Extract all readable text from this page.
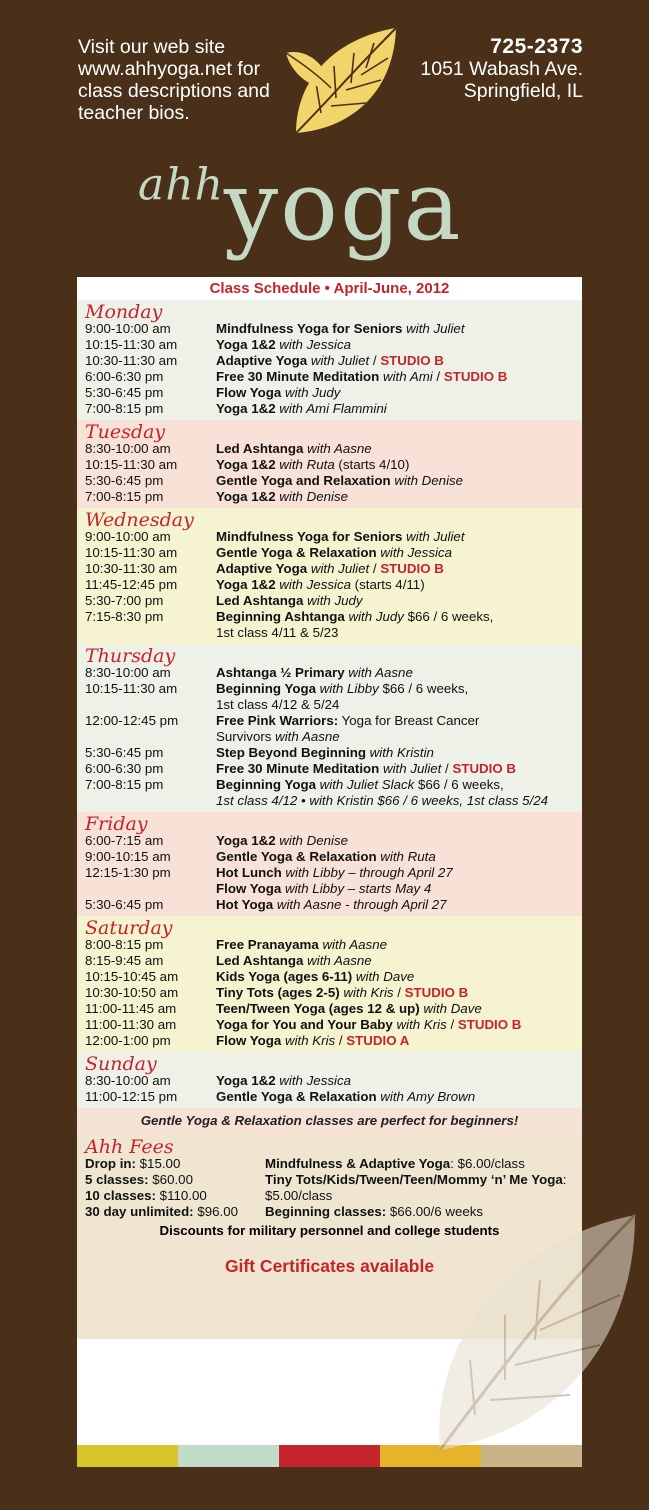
Visit our web site
www.ahhyoga.net for
class descriptions and
teacher bios.
725-2373
1051 Wabash Ave.
Springfield, IL
ahhyoga
Class Schedule • April-June, 2012
Monday
9:00-10:00 am	Mindfulness Yoga for Seniors with Juliet
10:15-11:30 am	Yoga 1&2 with Jessica
10:30-11:30 am	Adaptive Yoga with Juliet / STUDIO B
6:00-6:30 pm	Free 30 Minute Meditation with Ami / STUDIO B
5:30-6:45 pm	Flow Yoga with Judy
7:00-8:15 pm	Yoga 1&2 with Ami Flammini
Tuesday
8:30-10:00 am	Led Ashtanga with Aasne
10:15-11:30 am	Yoga 1&2 with Ruta (starts 4/10)
5:30-6:45 pm	Gentle Yoga and Relaxation with Denise
7:00-8:15 pm	Yoga 1&2 with Denise
Wednesday
9:00-10:00 am	Mindfulness Yoga for Seniors with Juliet
10:15-11:30 am	Gentle Yoga & Relaxation with Jessica
10:30-11:30 am	Adaptive Yoga with Juliet / STUDIO B
11:45-12:45 pm	Yoga 1&2 with Jessica (starts 4/11)
5:30-7:00 pm	Led Ashtanga with Judy
7:15-8:30 pm	Beginning Ashtanga with Judy $66 / 6 weeks,
1st class 4/11 & 5/23
Thursday
8:30-10:00 am	Ashtanga ½ Primary with Aasne
10:15-11:30 am	Beginning Yoga with Libby $66 / 6 weeks,
1st class 4/12 & 5/24
12:00-12:45 pm	Free Pink Warriors: Yoga for Breast Cancer
Survivors with Aasne
5:30-6:45 pm	Step Beyond Beginning with Kristin
6:00-6:30 pm	Free 30 Minute Meditation with Juliet / STUDIO B
7:00-8:15 pm	Beginning Yoga with Juliet Slack $66 / 6 weeks,
1st class 4/12 • with Kristin $66 / 6 weeks, 1st class 5/24
Friday
6:00-7:15 am	Yoga 1&2 with Denise
9:00-10:15 am	Gentle Yoga & Relaxation with Ruta
12:15-1:30 pm	Hot Lunch with Libby – through April 27
Flow Yoga with Libby – starts May 4
5:30-6:45 pm	Hot Yoga with Aasne - through April 27
Saturday
8:00-8:15 pm	Free Pranayama with Aasne
8:15-9:45 am	Led Ashtanga with Aasne
10:15-10:45 am	Kids Yoga (ages 6-11) with Dave
10:30-10:50 am	Tiny Tots (ages 2-5) with Kris / STUDIO B
11:00-11:45 am	Teen/Tween Yoga (ages 12 & up) with Dave
11:00-11:30 am	Yoga for You and Your Baby with Kris / STUDIO B
12:00-1:00 pm	Flow Yoga with Kris / STUDIO A
Sunday
8:30-10:00 am	Yoga 1&2 with Jessica
11:00-12:15 pm	Gentle Yoga & Relaxation with Amy Brown
Gentle Yoga & Relaxation classes are perfect for beginners!
Ahh Fees
Drop in: $15.00
5 classes: $60.00
10 classes: $110.00
30 day unlimited: $96.00
Mindfulness & Adaptive Yoga: $6.00/class
Tiny Tots/Kids/Tween/Teen/Mommy ‘n’ Me Yoga:
$5.00/class
Beginning classes: $66.00/6 weeks
Discounts for military personnel and college students
Gift Certificates available
